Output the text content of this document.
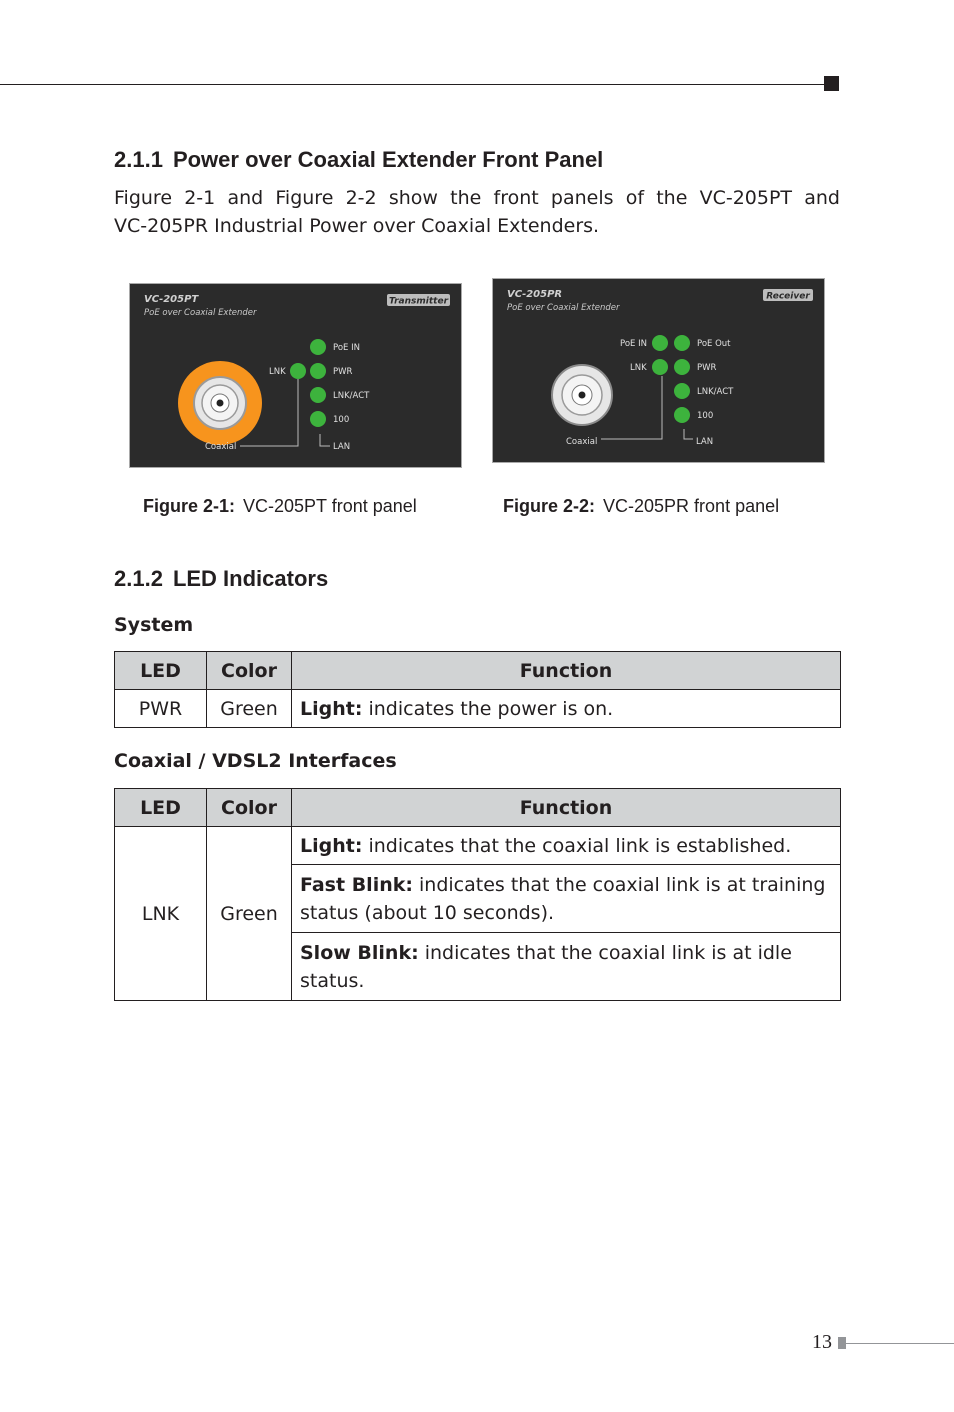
2.1.1 Power over Coaxial Extender Front Panel
Figure 2-1 and Figure 2-2 show the front panels of the VC-205PT and
VC-205PR Industrial Power over Coaxial Extenders.
VC-205PT
PoE over Coaxial Extender
Transmitter
PoE IN
LNK	PWR
LNK/ACT
100
Coaxial	LAN
VC-205PR
PoE over Coaxial Extender
Receiver
PoE IN	PoE Out
LNK	PWR
LNK/ACT
100
Coaxial	LAN
Figure 2-1: VC-205PT front panel	Figure 2-2: VC-205PR front panel
2.1.2 LED Indicators
System
LED	Color	Function
PWR	Green	Light: indicates the power is on.
Coaxial / VDSL2 Interfaces
LED	Color	Function
LNK	Green	Light: indicates that the coaxial link is established.
		Fast Blink: indicates that the coaxial link is at training status (about 10 seconds).
		Slow Blink: indicates that the coaxial link is at idle status.
13
